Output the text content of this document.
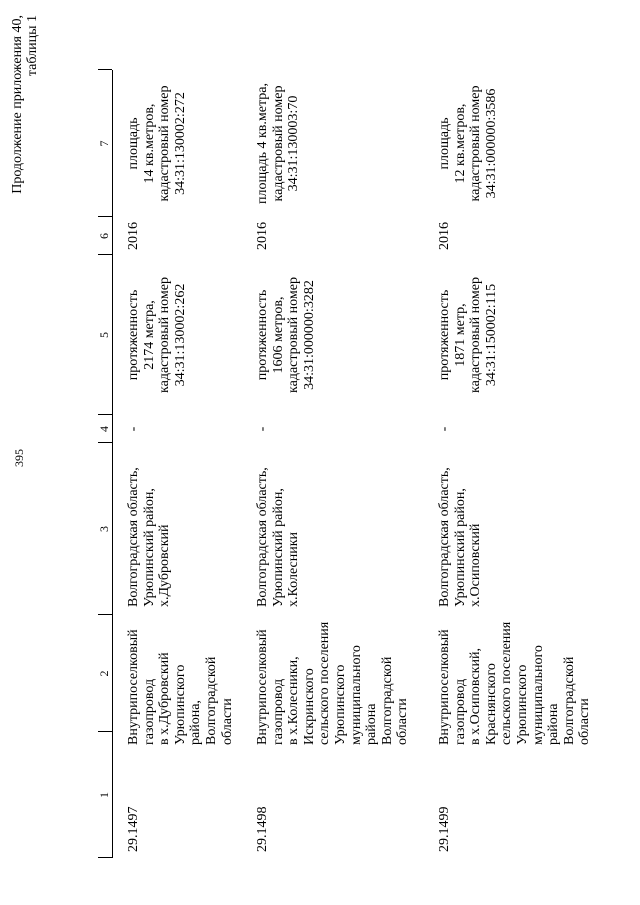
395
Продолжение приложения 40,
таблицы 1
1
2
3
4
5
6
7
29.1497
Внутрипоселковый
газопровод
в х.Дубровский
Урюпинского
района,
Волгоградской
области
Волгоградская область,
Урюпинский район,
х.Дубровский
-
протяженность
2174 метра,
кадастровый номер
34:31:130002:262
2016
площадь
14 кв.метров,
кадастровый номер
34:31:130002:272
29.1498
Внутрипоселковый
газопровод
в х.Колесники,
Искринского
сельского поселения
Урюпинского
муниципального
района
Волгоградской
области
Волгоградская область,
Урюпинский район,
х.Колесники
-
протяженность
1606 метров,
кадастровый номер
34:31:000000:3282
2016
площадь 4 кв.метра,
кадастровый номер
34:31:130003:70
29.1499
Внутрипоселковый
газопровод
в х.Осиповский,
Краснянского
сельского поселения
Урюпинского
муниципального
района
Волгоградской
области
Волгоградская область,
Урюпинский район,
х.Осиповский
-
протяженность
1871 метр,
кадастровый номер
34:31:150002:115
2016
площадь
12 кв.метров,
кадастровый номер
34:31:000000:3586
